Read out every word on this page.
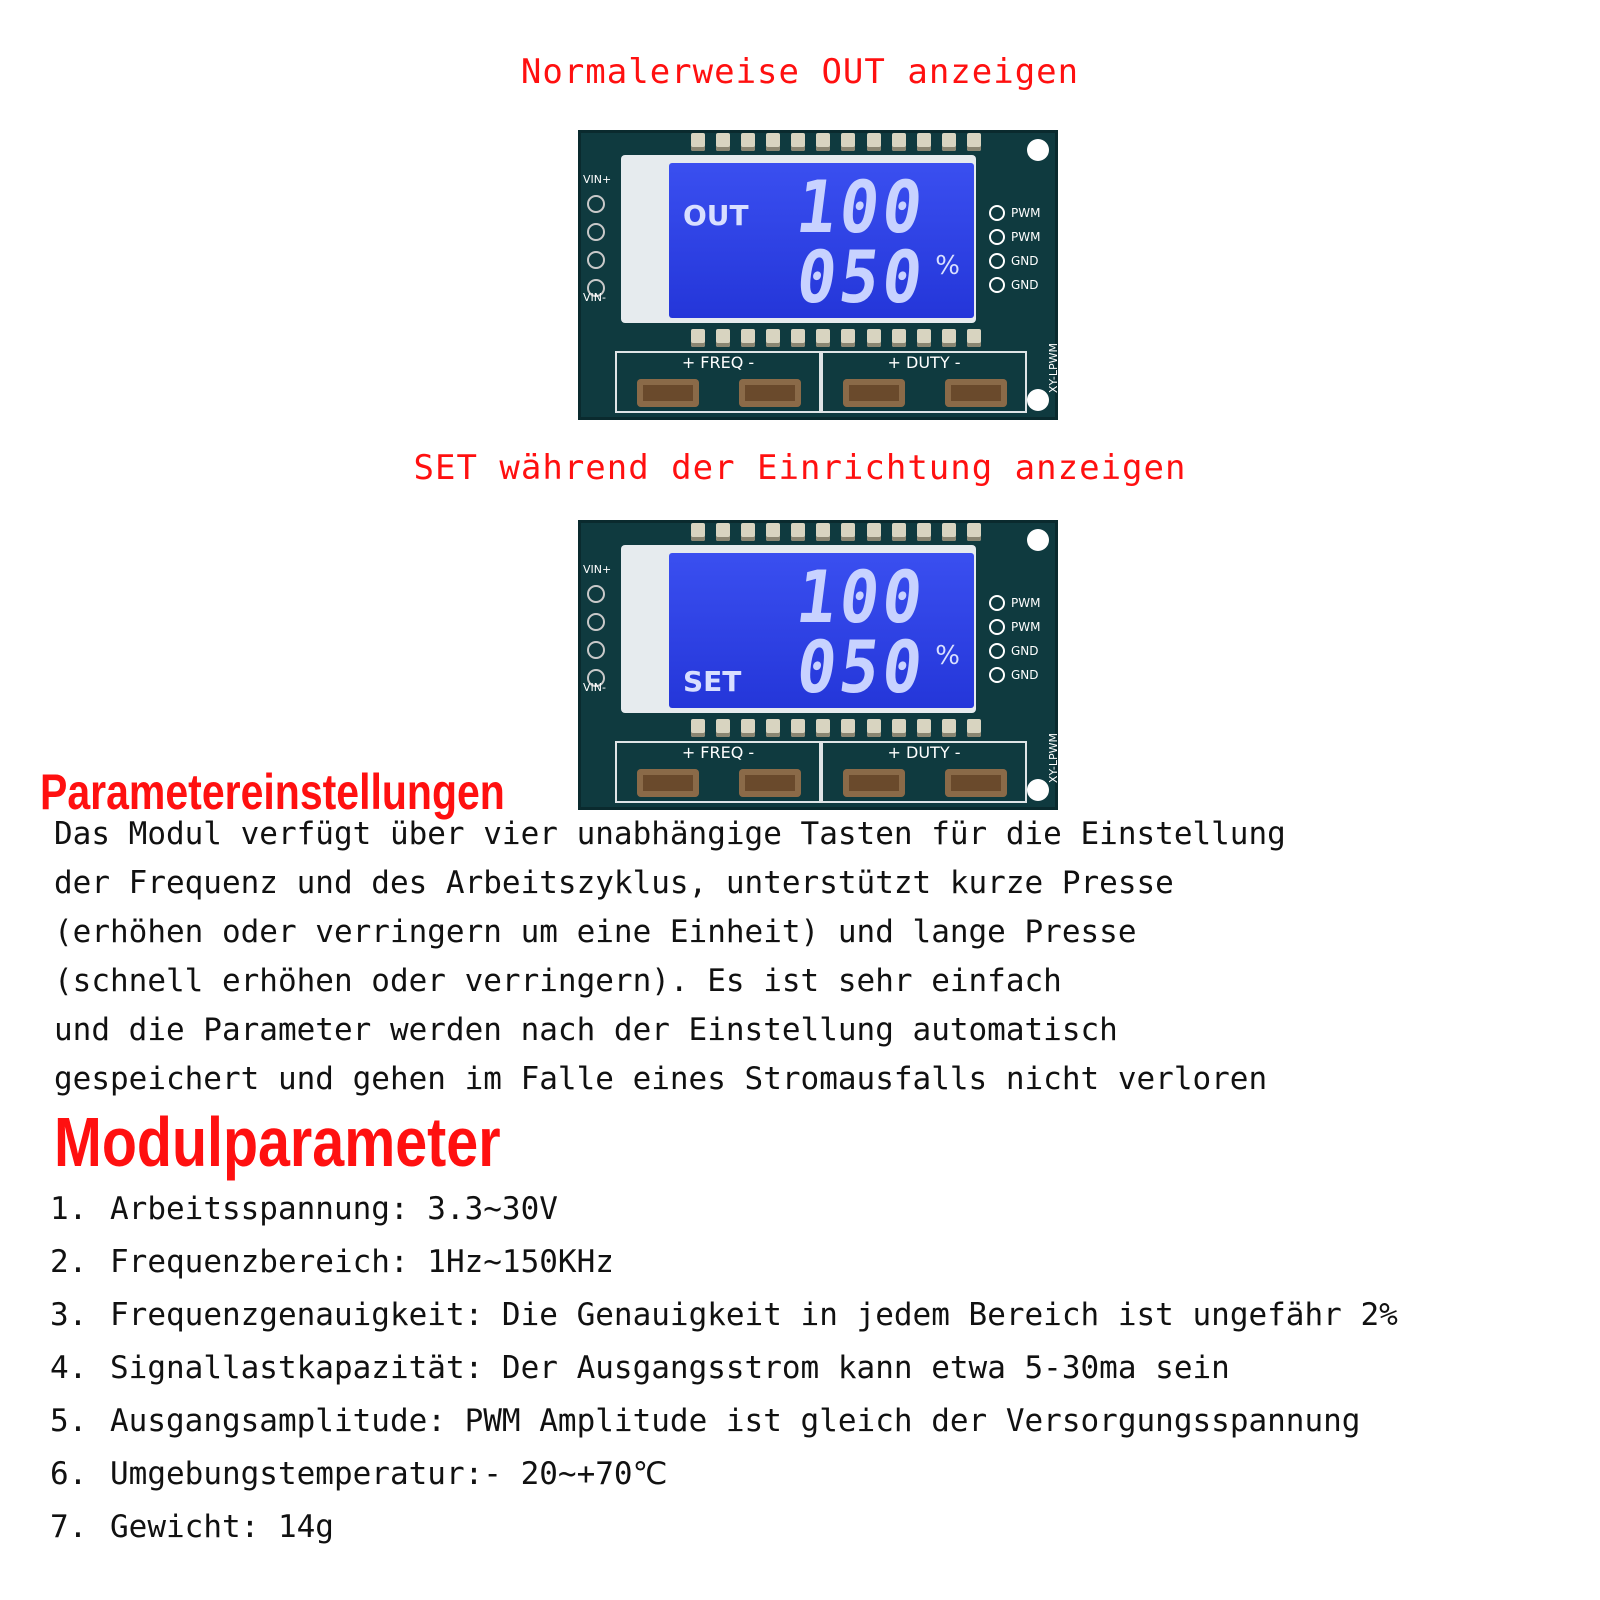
Normalerweise OUT anzeigen
OUT 100
050 %
VIN+
VIN-
PWM
PWM
GND
GND
+ FREQ -	+ DUTY -	XY-LPWM
SET während der Einrichtung anzeigen
SET
100
050 %
VIN+
VIN-
PWM
PWM
GND
GND
+ FREQ -	+ DUTY -	XY-LPWM
Parametereinstellungen
Das Modul verfügt über vier unabhängige Tasten für die Einstellung
der Frequenz und des Arbeitszyklus, unterstützt kurze Presse
(erhöhen oder verringern um eine Einheit) und lange Presse
(schnell erhöhen oder verringern). Es ist sehr einfach
und die Parameter werden nach der Einstellung automatisch
gespeichert und gehen im Falle eines Stromausfalls nicht verloren
Modulparameter
1. Arbeitsspannung: 3.3~30V
2. Frequenzbereich: 1Hz~150KHz
3. Frequenzgenauigkeit: Die Genauigkeit in jedem Bereich ist ungefähr 2%
4. Signallastkapazität: Der Ausgangsstrom kann etwa 5-30ma sein
5. Ausgangsamplitude: PWM Amplitude ist gleich der Versorgungsspannung
6. Umgebungstemperatur:- 20~+70℃
7. Gewicht: 14g
